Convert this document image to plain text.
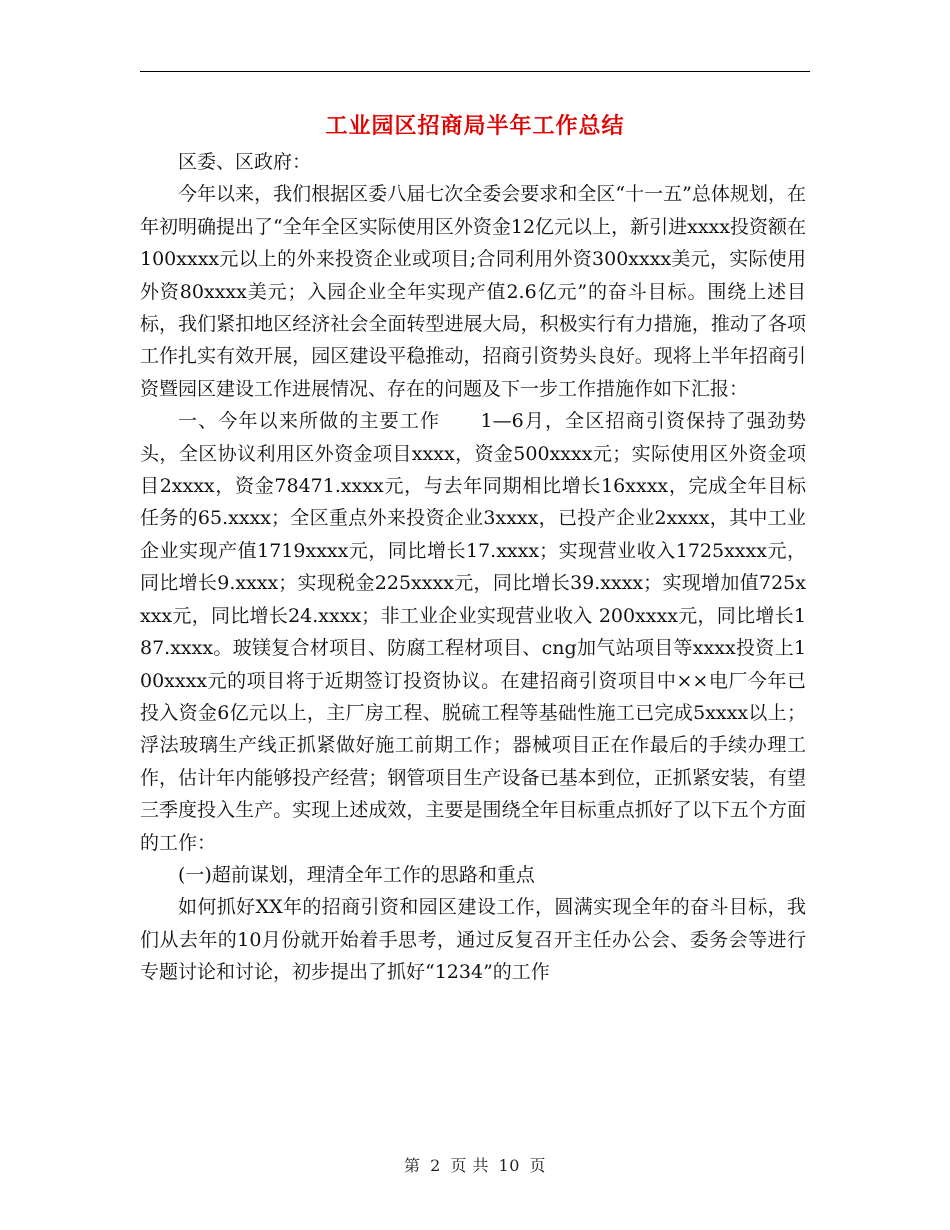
工业园区招商局半年工作总结

区委、区政府：

今年以来，我们根据区委八届七次全委会要求和全区“十一五”总体规划，在年初明确提出了“全年全区实际使用区外资金12亿元以上，新引进xxxx投资额在100xxxx元以上的外来投资企业或项目;合同利用外资300xxxx美元，实际使用外资80xxxx美元；入园企业全年实现产值2.6亿元”的奋斗目标。围绕上述目标，我们紧扣地区经济社会全面转型进展大局，积极实行有力措施，推动了各项工作扎实有效开展，园区建设平稳推动，招商引资势头良好。现将上半年招商引资暨园区建设工作进展情况、存在的问题及下一步工作措施作如下汇报：

一、今年以来所做的主要工作　　1—6月，全区招商引资保持了强劲势头，全区协议利用区外资金项目xxxx，资金500xxxx元；实际使用区外资金项目2xxxx，资金78471.xxxx元，与去年同期相比增长16xxxx，完成全年目标任务的65.xxxx；全区重点外来投资企业3xxxx，已投产企业2xxxx，其中工业企业实现产值1719xxxx元，同比增长17.xxxx；实现营业收入1725xxxx元，同比增长9.xxxx；实现税金225xxxx元，同比增长39.xxxx；实现增加值725xxxx元，同比增长24.xxxx；非工业企业实现营业收入 200xxxx元，同比增长187.xxxx。玻镁复合材项目、防腐工程材项目、cng加气站项目等xxxx投资上100xxxx元的项目将于近期签订投资协议。在建招商引资项目中××电厂今年已投入资金6亿元以上，主厂房工程、脱硫工程等基础性施工已完成5xxxx以上；浮法玻璃生产线正抓紧做好施工前期工作；器械项目正在作最后的手续办理工作，估计年内能够投产经营；钢管项目生产设备已基本到位，正抓紧安装，有望三季度投入生产。实现上述成效，主要是围绕全年目标重点抓好了以下五个方面的工作：

(一)超前谋划，理清全年工作的思路和重点

如何抓好XX年的招商引资和园区建设工作，圆满实现全年的奋斗目标，我们从去年的10月份就开始着手思考，通过反复召开主任办公会、委务会等进行专题讨论和讨论，初步提出了抓好“1234”的工作

第 2 页 共 10 页
